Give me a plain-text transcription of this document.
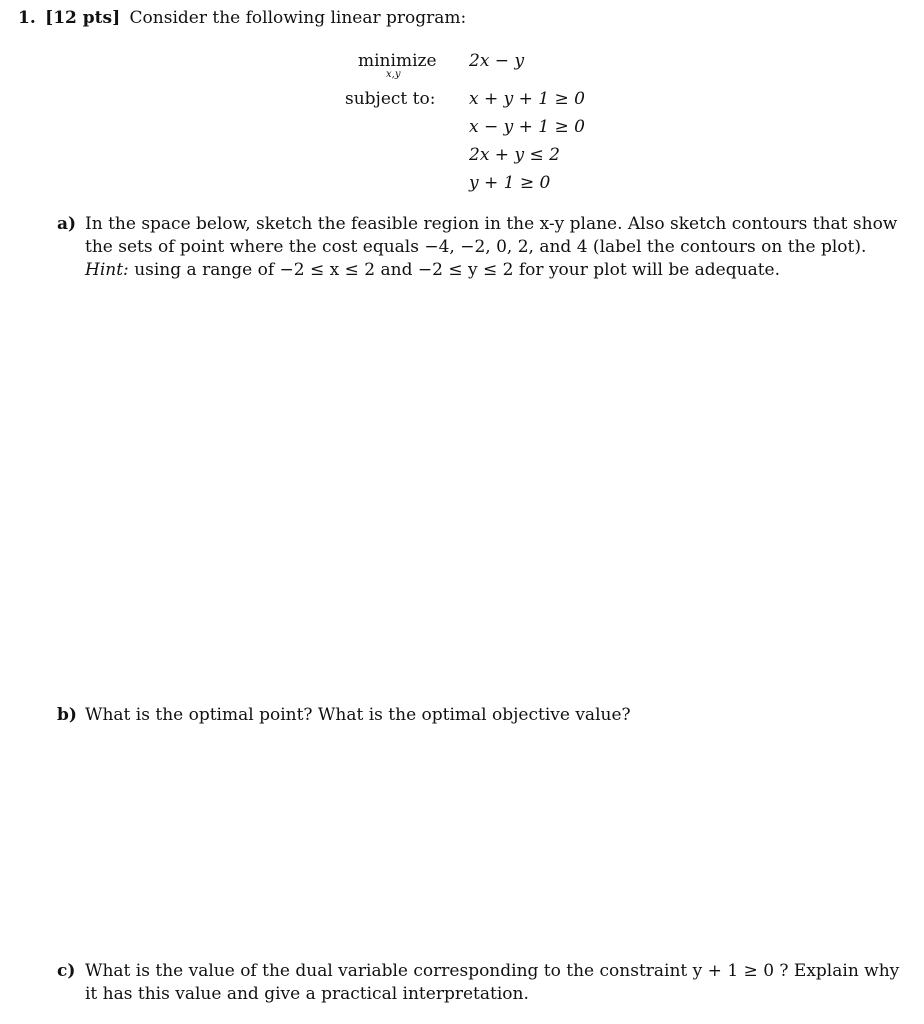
1. [12 pts] Consider the following linear program:
minimize
x,y
2x − y
subject to: x + y + 1 ≥ 0
x − y + 1 ≥ 0
2x + y ≤ 2
y + 1 ≥ 0
a) In the space below, sketch the feasible region in the x-y plane. Also sketch contours that show
the sets of point where the cost equals −4, −2, 0, 2, and 4 (label the contours on the plot).
Hint: using a range of −2 ≤ x ≤ 2 and −2 ≤ y ≤ 2 for your plot will be adequate.
b) What is the optimal point? What is the optimal objective value?
c) What is the value of the dual variable corresponding to the constraint y + 1 ≥ 0 ? Explain why
it has this value and give a practical interpretation.
